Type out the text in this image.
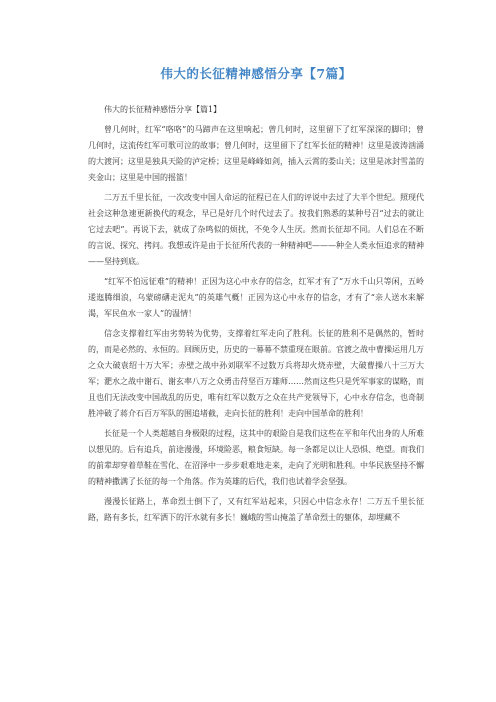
伟大的长征精神感悟分享【7篇】

伟大的长征精神感悟分享【篇1】

曾几何时，红军“咯咯”的马蹄声在这里响起；曾几何时，这里留下了红军深深的脚印；曾几何时，这流传红军可歌可泣的故事；曾几何时，这里留下了红军长征的精神！这里是波涛汹涌的大渡河；这里是独具天险的泸定桥；这里是峰峰如剑，插入云霄的娄山关；这里是冰封雪盖的夹金山；这里是中国的摇篮！

二万五千里长征，一次改变中国人命运的征程已在人们的评说中去过了大半个世纪。照现代社会这种急速更新换代的观念，早已是好几个时代过去了。按我们熟悉的某种号召“过去的就让它过去吧”。再说下去，就成了杂鸣似的烦扰，不免令人生厌。然而长征却不同。人们总在不断的言说、探究、拷问。我想或许是由于长征所代表的一种精神吧———种全人类永恒追求的精神——坚持到底。

“红军不怕远征难”的精神！正因为这心中永存的信念，红军才有了“万水千山只等闲，五岭逶迤腾细浪，乌蒙磅礴走泥丸”的英雄气概！正因为这心中永存的信念，才有了“亲人送水来解渴，军民鱼水一家人”的温情！

信念支撑着红军由劣势转为优势，支撑着红军走向了胜利。长征的胜利不是偶然的，暂时的，而是必然的、永恒的。回顾历史，历史的一幕幕不禁重现在眼前。官渡之战中曹操运用几万之众大破袁绍十万大军；赤壁之战中孙刘联军不过数万兵将却火烧赤壁，大破曹操八十三万大军；淝水之战中谢石、谢玄率八万之众勇击苻坚百万雄师……然而这些只是凭军事家的谋略，而且也们无法改变中国战乱的历史，唯有红军以数万之众在共产党领导下，心中永存信念，也奇制胜冲破了蒋介石百万军队的围追堵截，走向长征的胜利！走向中国革命的胜利！

长征是一个人类超越自身极限的过程，这其中的艰险自是我们这些在平和年代出身的人所难以想见的。后有追兵，前途漫漫，环境险恶，粮食短缺。每一条都足以让人恐惧、绝望。而我们的前辈却穿着草鞋在雪化、在沼泽中一步步艰难地走来，走向了光明和胜利。中华民族坚持不懈的精神撒满了长征的每一个角落。作为英雄的后代，我们也试着学会坚强。

漫漫长征路上，革命烈士倒下了，又有红军站起来，只因心中信念永存！二万五千里长征路，路有多长，红军洒下的汗水就有多长！巍峨的雪山掩盖了革命烈士的躯体，却埋藏不
